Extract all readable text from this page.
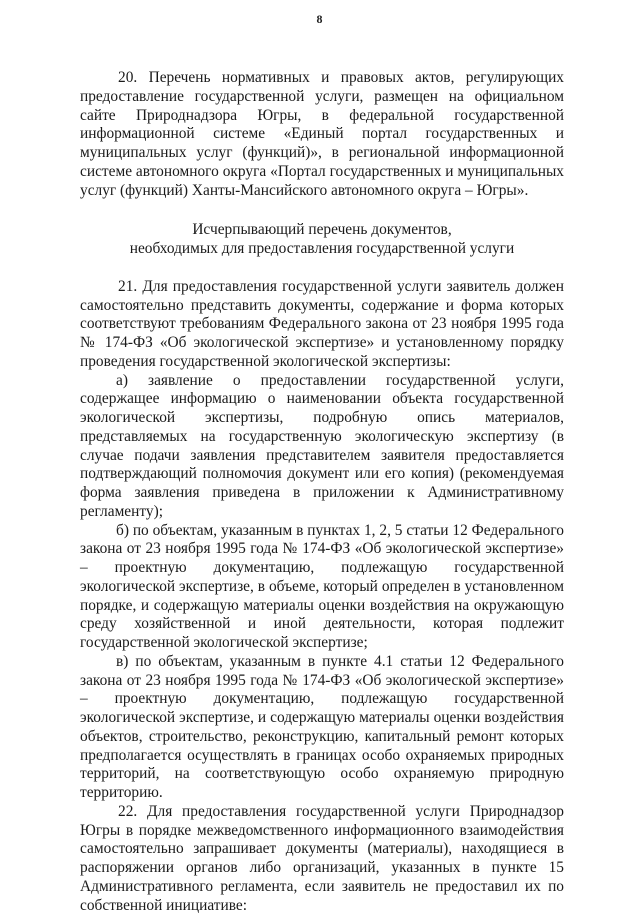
8

20. Перечень нормативных и правовых актов, регулирующих предоставление государственной услуги, размещен на официальном сайте Природнадзора Югры, в федеральной государственной информационной системе «Единый портал государственных и муниципальных услуг (функций)», в региональной информационной системе автономного округа «Портал государственных и муниципальных услуг (функций) Ханты-Мансийского автономного округа – Югры».

Исчерпывающий перечень документов,
необходимых для предоставления государственной услуги

21. Для предоставления государственной услуги заявитель должен самостоятельно представить документы, содержание и форма которых соответствуют требованиям Федерального закона от 23 ноября 1995 года № 174-ФЗ «Об экологической экспертизе» и установленному порядку проведения государственной экологической экспертизы:

а) заявление о предоставлении государственной услуги, содержащее информацию о наименовании объекта государственной экологической экспертизы, подробную опись материалов, представляемых на государственную экологическую экспертизу (в случае подачи заявления представителем заявителя предоставляется подтверждающий полномочия документ или его копия) (рекомендуемая форма заявления приведена в приложении к Административному регламенту);

б) по объектам, указанным в пунктах 1, 2, 5 статьи 12 Федерального закона от 23 ноября 1995 года № 174-ФЗ «Об экологической экспертизе» – проектную документацию, подлежащую государственной экологической экспертизе, в объеме, который определен в установленном порядке, и содержащую материалы оценки воздействия на окружающую среду хозяйственной и иной деятельности, которая подлежит государственной экологической экспертизе;

в) по объектам, указанным в пункте 4.1 статьи 12 Федерального закона от 23 ноября 1995 года № 174-ФЗ «Об экологической экспертизе» – проектную документацию, подлежащую государственной экологической экспертизе, и содержащую материалы оценки воздействия объектов, строительство, реконструкцию, капитальный ремонт которых предполагается осуществлять в границах особо охраняемых природных территорий, на соответствующую особо охраняемую природную территорию.

22. Для предоставления государственной услуги Природнадзор Югры в порядке межведомственного информационного взаимодействия самостоятельно запрашивает документы (материалы), находящиеся в распоряжении органов либо организаций, указанных в пункте 15 Административного регламента, если заявитель не предоставил их по собственной инициативе:
